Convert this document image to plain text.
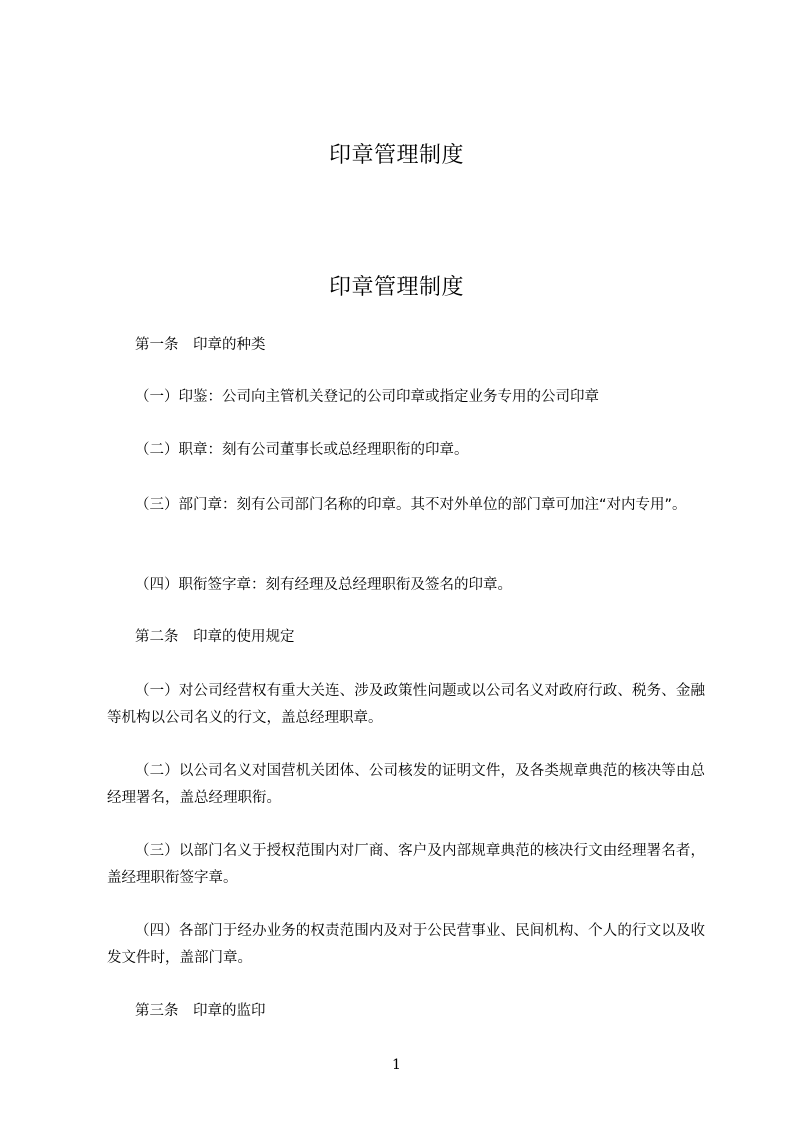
印章管理制度
印章管理制度
第一条　印章的种类
（一）印鉴：公司向主管机关登记的公司印章或指定业务专用的公司印章
（二）职章：刻有公司董事长或总经理职衔的印章。
（三）部门章：刻有公司部门名称的印章。其不对外单位的部门章可加注“对内专用”。
（四）职衔签字章：刻有经理及总经理职衔及签名的印章。
第二条　印章的使用规定
（一）对公司经营权有重大关连、涉及政策性问题或以公司名义对政府行政、税务、金融等机构以公司名义的行文，盖总经理职章。
（二）以公司名义对国营机关团体、公司核发的证明文件，及各类规章典范的核决等由总经理署名，盖总经理职衔。
（三）以部门名义于授权范围内对厂商、客户及内部规章典范的核决行文由经理署名者，盖经理职衔签字章。
（四）各部门于经办业务的权责范围内及对于公民营事业、民间机构、个人的行文以及收发文件时，盖部门章。
第三条　印章的监印
1
